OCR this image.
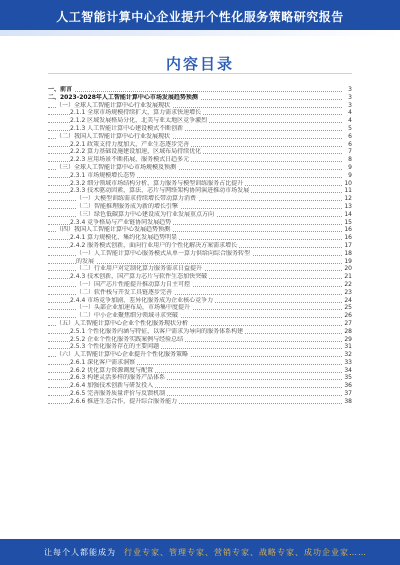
人工智能计算中心企业提升个性化服务策略研究报告
内容目录
一、前言	3
二、2023-2028年人工智能计算中心市场发展趋势预测	3
（一）全球人工智能计算中心行业发展现状	3
2.1.1 全球市场规模持续扩大，算力需求快速增长	4
2.1.2 区域发展格局分化，北美与亚太地区竞争激烈	4
2.1.3 人工智能计算中心建设模式不断创新	5
（二）我国人工智能计算中心行业发展现状	6
2.2.1 政策支持力度加大，产业生态逐步完善	6
2.2.2 算力基础设施建设加速，区域布局持续优化	7
2.2.3 应用场景不断拓展，服务模式日趋多元	8
（三）全球人工智能计算中心市场规模及预测	9
2.3.1 市场规模增长态势	9
2.3.2 细分领域市场结构分析，算力服务与模型训练服务占比提升	10
2.3.3 技术驱动因素，算法、芯片与网络架构协同演进推动市场发展	11
（一）大模型训练需求持续增长带动算力消费	12
（二）智能推理服务成为新的增长引擎	13
（三）绿色低碳算力中心建设成为行业发展重点方向	14
2.3.4 竞争格局与产业链协同发展趋势	15
（四）我国人工智能计算中心发展趋势预测	16
2.4.1 算力规模化、集约化发展趋势明显	16
2.4.2 服务模式创新，面向行业用户的个性化解决方案需求增长	17
（一）人工智能计算中心服务模式从单一算力供给向综合服务转型	18
的发展	19
（二）行业用户对定制化算力服务需求日益提升	20
2.4.3 技术创新，国产算力芯片与软件生态加快突破	21
（一）国产芯片性能提升推动算力自主可控	22
（二）软件栈与开发工具链逐步完善	23
2.4.4 市场竞争加剧，差异化服务成为企业核心竞争力	24
（一）头部企业加速布局，市场集中度提升	25
（二）中小企业聚焦细分领域寻求突破	26
（五）人工智能计算中心企业个性化服务现状分析	27
2.5.1 个性化服务内涵与特征，以客户需求为导向的服务体系构建	28
2.5.2 企业个性化服务实践案例与经验总结	29
2.5.3 个性化服务存在的主要问题	31
（六）人工智能计算中心企业提升个性化服务策略	32
2.6.1 深化客户需求洞察	33
2.6.2 优化算力资源调度与配置	34
2.6.3 构建灵活多样的服务产品体系	35
2.6.4 加强技术创新与研发投入	36
2.6.5 完善服务质量评价与反馈机制	37
2.6.6 推进生态合作，提升综合服务能力	38
让每个人都能成为 行业专家、管理专家、营销专家、战略专家、成功企业家……
